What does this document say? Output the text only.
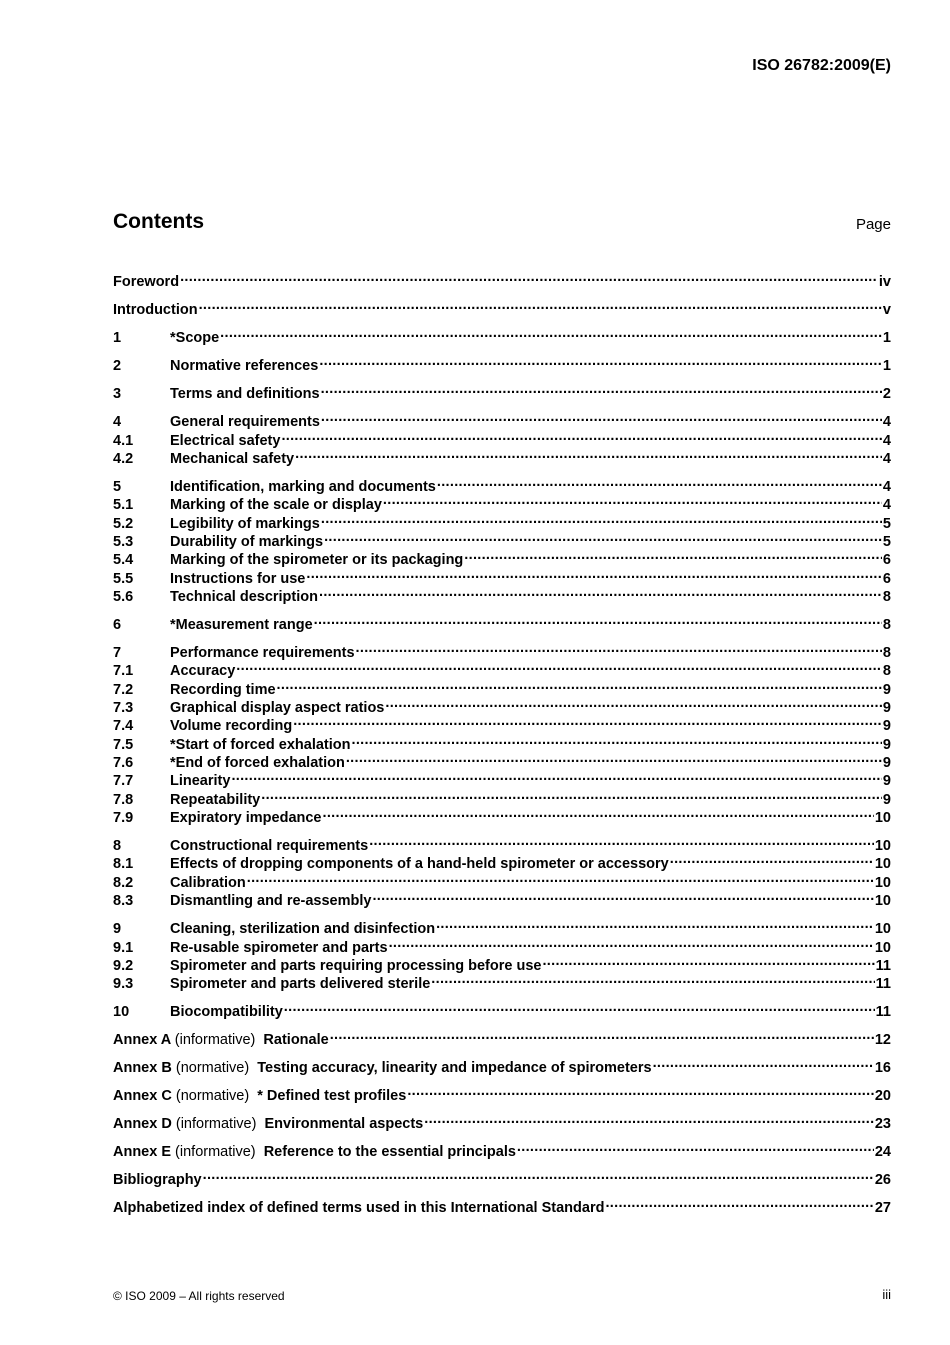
ISO 26782:2009(E)
Contents	Page
Foreword .....	iv
Introduction .....	v
1	*Scope .....	1
2	Normative references .....	1
3	Terms and definitions .....	2
4	General requirements .....	4
4.1	Electrical safety .....	4
4.2	Mechanical safety .....	4
5	Identification, marking and documents .....	4
5.1	Marking of the scale or display .....	4
5.2	Legibility of markings .....	5
5.3	Durability of markings .....	5
5.4	Marking of the spirometer or its packaging .....	6
5.5	Instructions for use .....	6
5.6	Technical description .....	8
6	*Measurement range .....	8
7	Performance requirements .....	8
7.1	Accuracy .....	8
7.2	Recording time .....	9
7.3	Graphical display aspect ratios .....	9
7.4	Volume recording .....	9
7.5	*Start of forced exhalation .....	9
7.6	*End of forced exhalation .....	9
7.7	Linearity .....	9
7.8	Repeatability .....	9
7.9	Expiratory impedance .....	10
8	Constructional requirements .....	10
8.1	Effects of dropping components of a hand-held spirometer or accessory .....	10
8.2	Calibration .....	10
8.3	Dismantling and re-assembly .....	10
9	Cleaning, sterilization and disinfection .....	10
9.1	Re-usable spirometer and parts .....	10
9.2	Spirometer and parts requiring processing before use .....	11
9.3	Spirometer and parts delivered sterile .....	11
10	Biocompatibility .....	11
Annex A (informative) Rationale .....	12
Annex B (normative) Testing accuracy, linearity and impedance of spirometers .....	16
Annex C (normative) * Defined test profiles .....	20
Annex D (informative) Environmental aspects .....	23
Annex E (informative) Reference to the essential principals .....	24
Bibliography .....	26
Alphabetized index of defined terms used in this International Standard .....	27
© ISO 2009 – All rights reserved	iii
